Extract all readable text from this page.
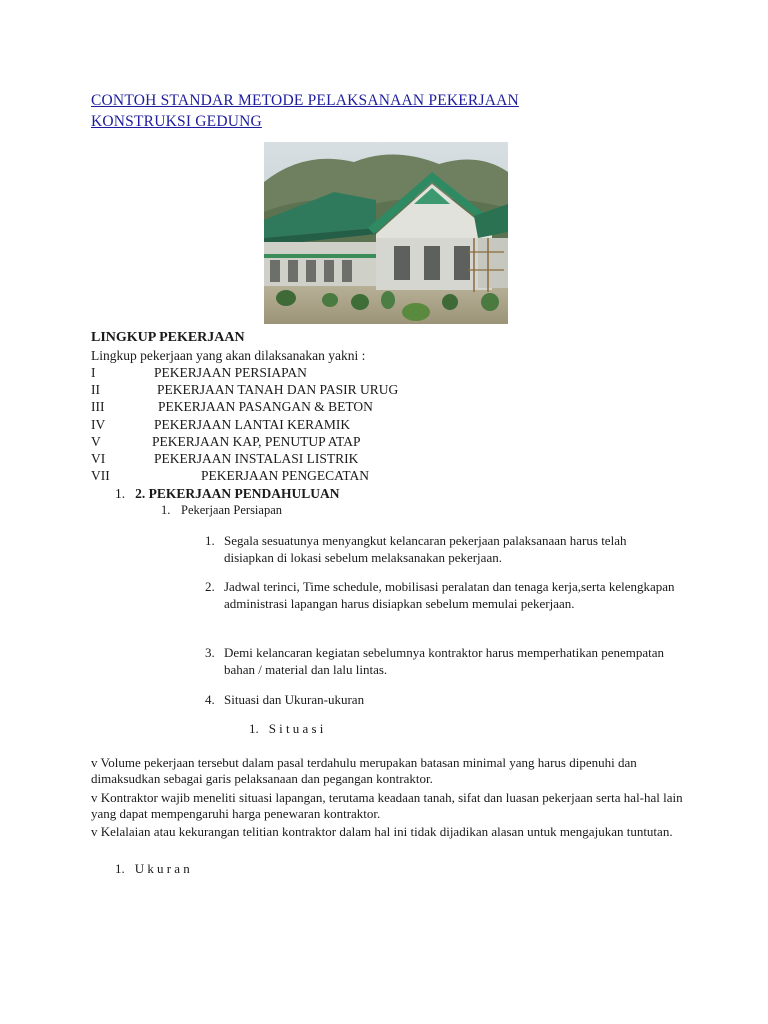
CONTOH STANDAR METODE PELAKSANAAN PEKERJAAN KONSTRUKSI GEDUNG
LINGKUP PEKERJAAN
Lingkup pekerjaan yang akan dilaksanakan yakni :
I	PEKERJAAN PERSIAPAN
II	PEKERJAAN TANAH DAN PASIR URUG
III	PEKERJAAN PASANGAN & BETON
IV	PEKERJAAN LANTAI KERAMIK
V	PEKERJAAN KAP, PENUTUP ATAP
VI	PEKERJAAN INSTALASI LISTRIK
VII	PEKERJAAN PENGECATAN
1. 2. PEKERJAAN PENDAHULUAN
1. Pekerjaan Persiapan
1. Segala sesuatunya menyangkut kelancaran pekerjaan palaksanaan harus telah disiapkan di lokasi sebelum melaksanakan pekerjaan.
2. Jadwal terinci, Time schedule, mobilisasi peralatan dan tenaga kerja,serta kelengkapan administrasi lapangan harus disiapkan sebelum memulai pekerjaan.
3. Demi kelancaran kegiatan sebelumnya kontraktor harus memperhatikan penempatan bahan / material dan lalu lintas.
4. Situasi dan Ukuran-ukuran
1. Situasi
v Volume pekerjaan tersebut dalam pasal terdahulu merupakan batasan minimal yang harus dipenuhi dan dimaksudkan sebagai garis pelaksanaan dan pegangan kontraktor.
v Kontraktor wajib meneliti situasi lapangan, terutama keadaan tanah, sifat dan luasan pekerjaan serta hal-hal lain yang dapat mempengaruhi harga penewaran kontraktor.
v Kelalaian atau kekurangan telitian kontraktor dalam hal ini tidak dijadikan alasan untuk mengajukan tuntutan.
1. Ukuran
